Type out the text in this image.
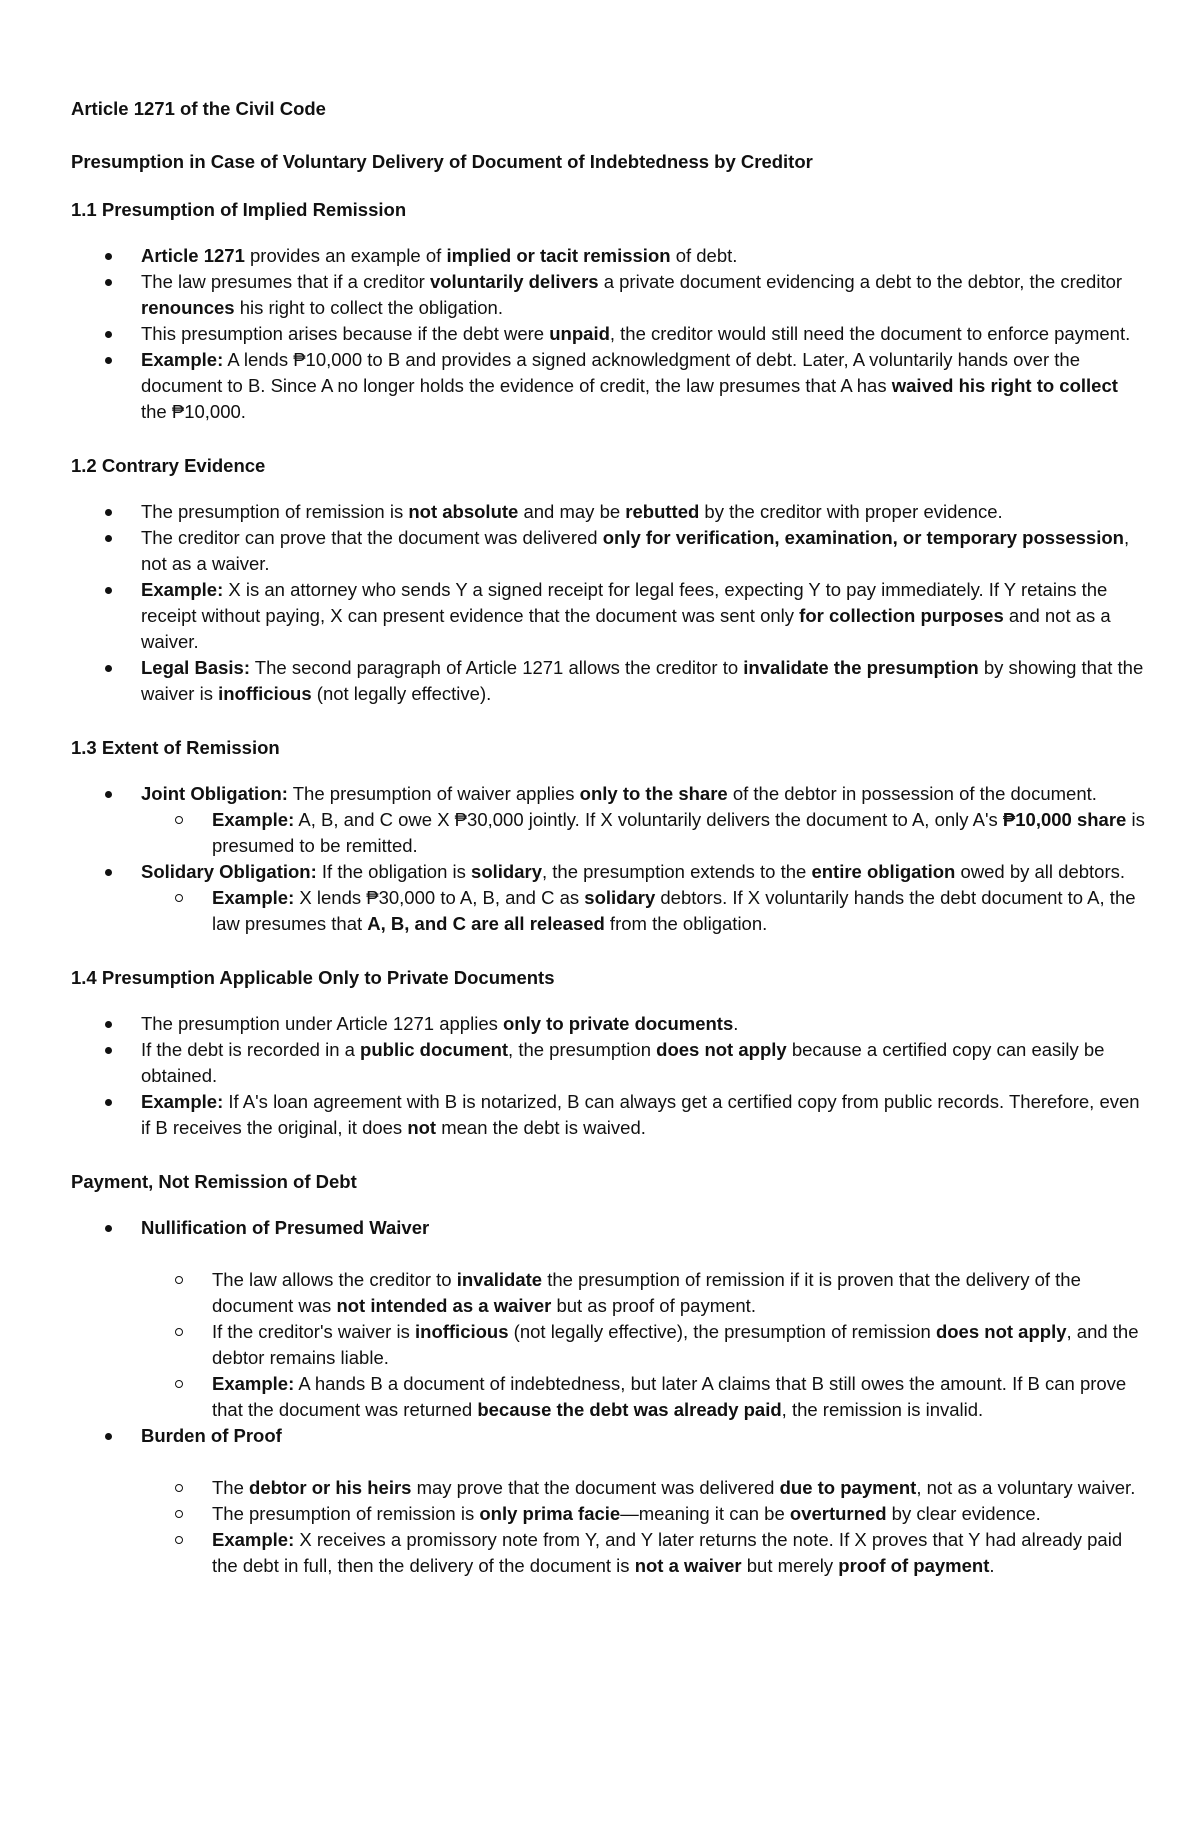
Article 1271 of the Civil Code

Presumption in Case of Voluntary Delivery of Document of Indebtedness by Creditor

1.1 Presumption of Implied Remission

Article 1271 provides an example of implied or tacit remission of debt.
The law presumes that if a creditor voluntarily delivers a private document evidencing a debt to the debtor, the creditor renounces his right to collect the obligation.
This presumption arises because if the debt were unpaid, the creditor would still need the document to enforce payment.
Example: A lends ₱10,000 to B and provides a signed acknowledgment of debt. Later, A voluntarily hands over the document to B. Since A no longer holds the evidence of credit, the law presumes that A has waived his right to collect the ₱10,000.

1.2 Contrary Evidence

The presumption of remission is not absolute and may be rebutted by the creditor with proper evidence.
The creditor can prove that the document was delivered only for verification, examination, or temporary possession, not as a waiver.
Example: X is an attorney who sends Y a signed receipt for legal fees, expecting Y to pay immediately. If Y retains the receipt without paying, X can present evidence that the document was sent only for collection purposes and not as a waiver.
Legal Basis: The second paragraph of Article 1271 allows the creditor to invalidate the presumption by showing that the waiver is inofficious (not legally effective).

1.3 Extent of Remission

Joint Obligation: The presumption of waiver applies only to the share of the debtor in possession of the document.
Example: A, B, and C owe X ₱30,000 jointly. If X voluntarily delivers the document to A, only A's ₱10,000 share is presumed to be remitted.
Solidary Obligation: If the obligation is solidary, the presumption extends to the entire obligation owed by all debtors.
Example: X lends ₱30,000 to A, B, and C as solidary debtors. If X voluntarily hands the debt document to A, the law presumes that A, B, and C are all released from the obligation.

1.4 Presumption Applicable Only to Private Documents

The presumption under Article 1271 applies only to private documents.
If the debt is recorded in a public document, the presumption does not apply because a certified copy can easily be obtained.
Example: If A's loan agreement with B is notarized, B can always get a certified copy from public records. Therefore, even if B receives the original, it does not mean the debt is waived.

Payment, Not Remission of Debt

Nullification of Presumed Waiver
The law allows the creditor to invalidate the presumption of remission if it is proven that the delivery of the document was not intended as a waiver but as proof of payment.
If the creditor's waiver is inofficious (not legally effective), the presumption of remission does not apply, and the debtor remains liable.
Example: A hands B a document of indebtedness, but later A claims that B still owes the amount. If B can prove that the document was returned because the debt was already paid, the remission is invalid.
Burden of Proof
The debtor or his heirs may prove that the document was delivered due to payment, not as a voluntary waiver.
The presumption of remission is only prima facie—meaning it can be overturned by clear evidence.
Example: X receives a promissory note from Y, and Y later returns the note. If X proves that Y had already paid the debt in full, then the delivery of the document is not a waiver but merely proof of payment.
